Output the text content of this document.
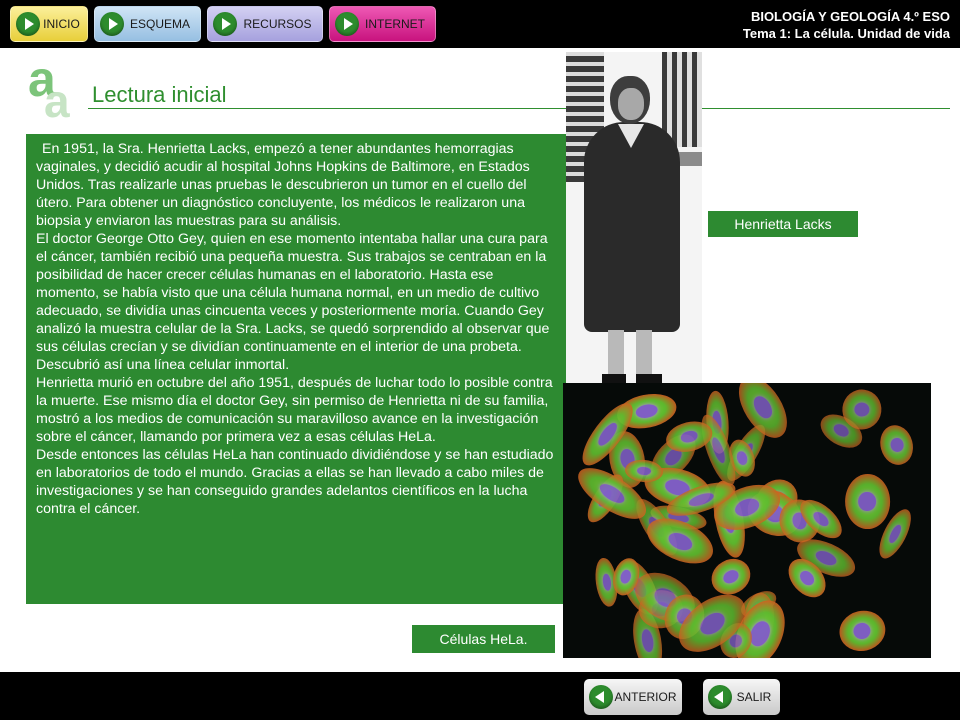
INICIO	ESQUEMA	RECURSOS	INTERNET	BIOLOGÍA Y GEOLOGÍA 4.º ESO
Tema 1: La célula. Unidad de vida
a
a Lectura inicial

En 1951, la Sra. Henrietta Lacks, empezó a tener abundantes hemorragias vaginales, y decidió acudir al hospital Johns Hopkins de Baltimore, en Estados Unidos. Tras realizarle unas pruebas le descubrieron un tumor en el cuello del útero. Para obtener un diagnóstico concluyente, los médicos le realizaron una biopsia y enviaron las muestras para su análisis.

El doctor George Otto Gey, quien en ese momento intentaba hallar una cura para el cáncer, también recibió una pequeña muestra. Sus trabajos se centraban en la posibilidad de hacer crecer células humanas en el laboratorio. Hasta ese momento, se había visto que una célula humana normal, en un medio de cultivo adecuado, se dividía unas cincuenta veces y posteriormente moría. Cuando Gey analizó la muestra celular de la Sra. Lacks, se quedó sorprendido al observar que sus células crecían y se dividían continuamente en el interior de una probeta. Descubrió así una línea celular inmortal.

Henrietta murió en octubre del año 1951, después de luchar todo lo posible contra la muerte. Ese mismo día el doctor Gey, sin permiso de Henrietta ni de su familia, mostró a los medios de comunicación su maravilloso avance en la investigación sobre el cáncer, llamando por primera vez a esas células HeLa.

Desde entonces las células HeLa han continuado dividiéndose y se han estudiado en laboratorios de todo el mundo. Gracias a ellas se han llevado a cabo miles de investigaciones y se han conseguido grandes adelantos científicos en la lucha contra el cáncer.

Henrietta Lacks
Células HeLa.
ANTERIOR	SALIR
